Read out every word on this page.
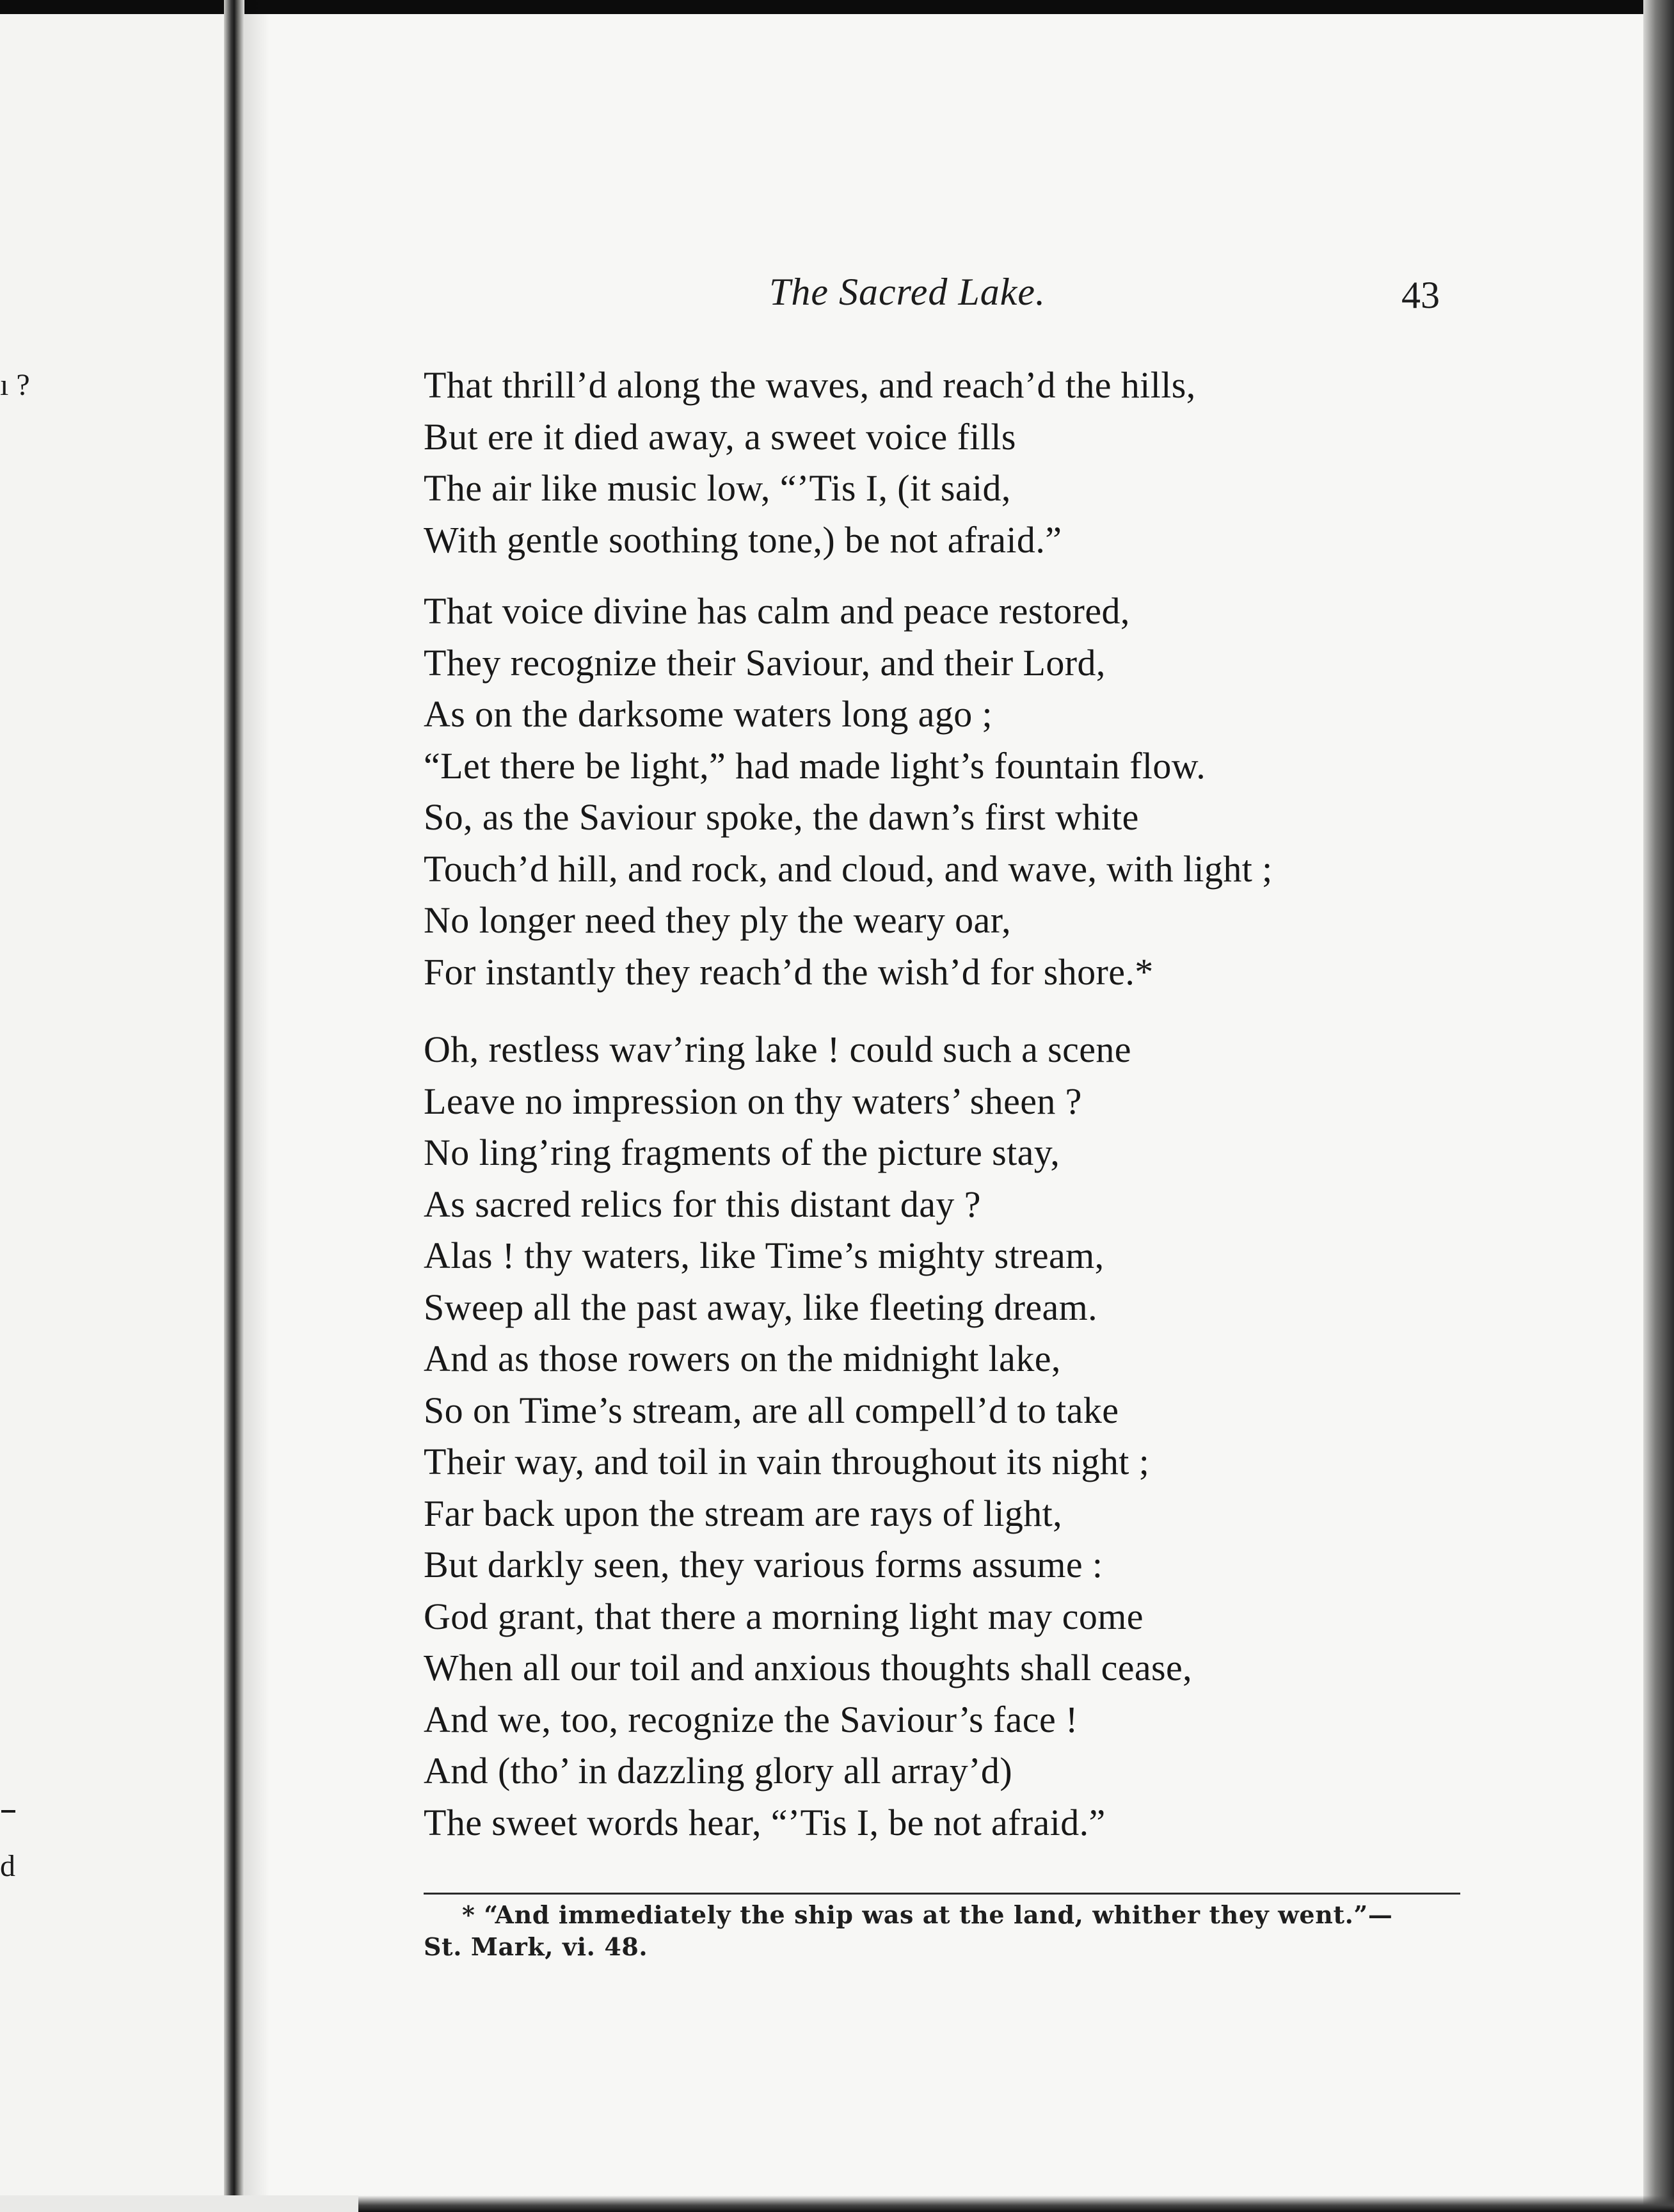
ı ?
d
The Sacred Lake.	43
That thrill’d along the waves, and reach’d the hills,
But ere it died away, a sweet voice fills
The air like music low, “’Tis I, (it said,
With gentle soothing tone,) be not afraid.”
That voice divine has calm and peace restored,
They recognize their Saviour, and their Lord,
As on the darksome waters long ago ;
“Let there be light,” had made light’s fountain flow.
So, as the Saviour spoke, the dawn’s first white
Touch’d hill, and rock, and cloud, and wave, with light ;
No longer need they ply the weary oar,
For instantly they reach’d the wish’d for shore.*
Oh, restless wav’ring lake ! could such a scene
Leave no impression on thy waters’ sheen ?
No ling’ring fragments of the picture stay,
As sacred relics for this distant day ?
Alas ! thy waters, like Time’s mighty stream,
Sweep all the past away, like fleeting dream.
And as those rowers on the midnight lake,
So on Time’s stream, are all compell’d to take
Their way, and toil in vain throughout its night ;
Far back upon the stream are rays of light,
But darkly seen, they various forms assume :
God grant, that there a morning light may come
When all our toil and anxious thoughts shall cease,
And we, too, recognize the Saviour’s face !
And (tho’ in dazzling glory all array’d)
The sweet words hear, “’Tis I, be not afraid.”
* “And immediately the ship was at the land, whither they went.”—
St. Mark, vi. 48.
